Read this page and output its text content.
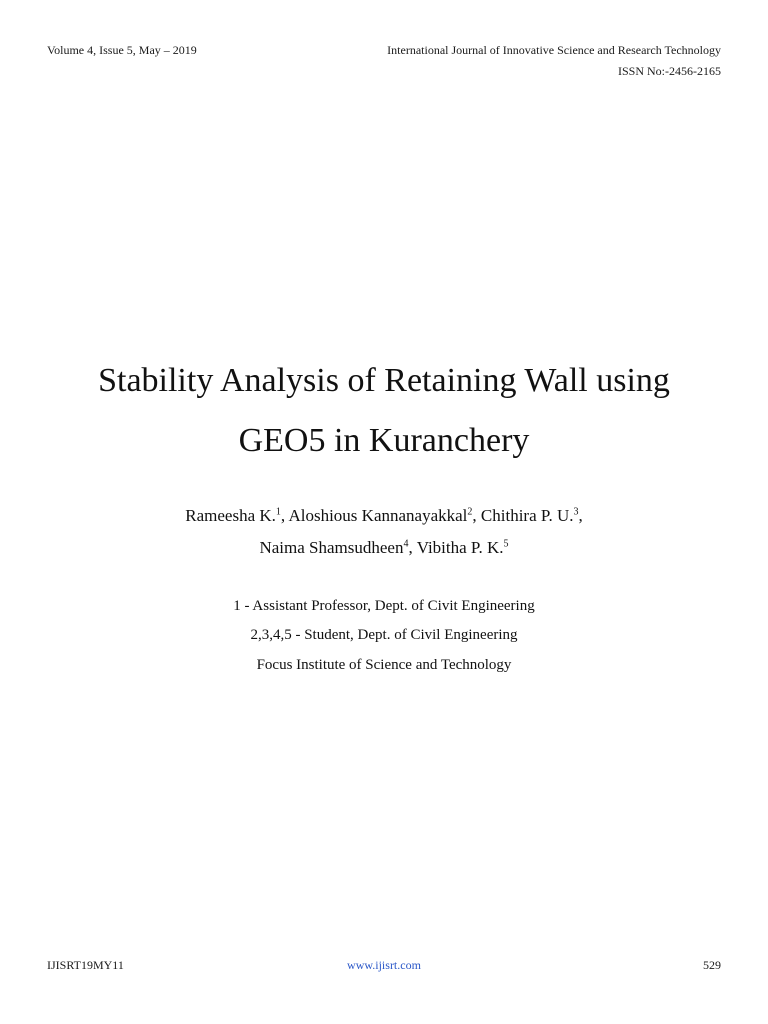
Volume 4, Issue 5, May – 2019	International Journal of Innovative Science and Research Technology
ISSN No:-2456-2165
Stability Analysis of Retaining Wall using
GEO5 in Kuranchery
Rameesha K.$^1$, Aloshious Kannanayakkal$^2$, Chithira P. U.$^3$,
Naima Shamsudheen$^4$, Vibitha P. K.$^5$
1 - Assistant Professor, Dept. of Civit Engineering
2,3,4,5 - Student, Dept. of Civil Engineering
Focus Institute of Science and Technology
IJISRT19MY11	www.ijisrt.com	529
